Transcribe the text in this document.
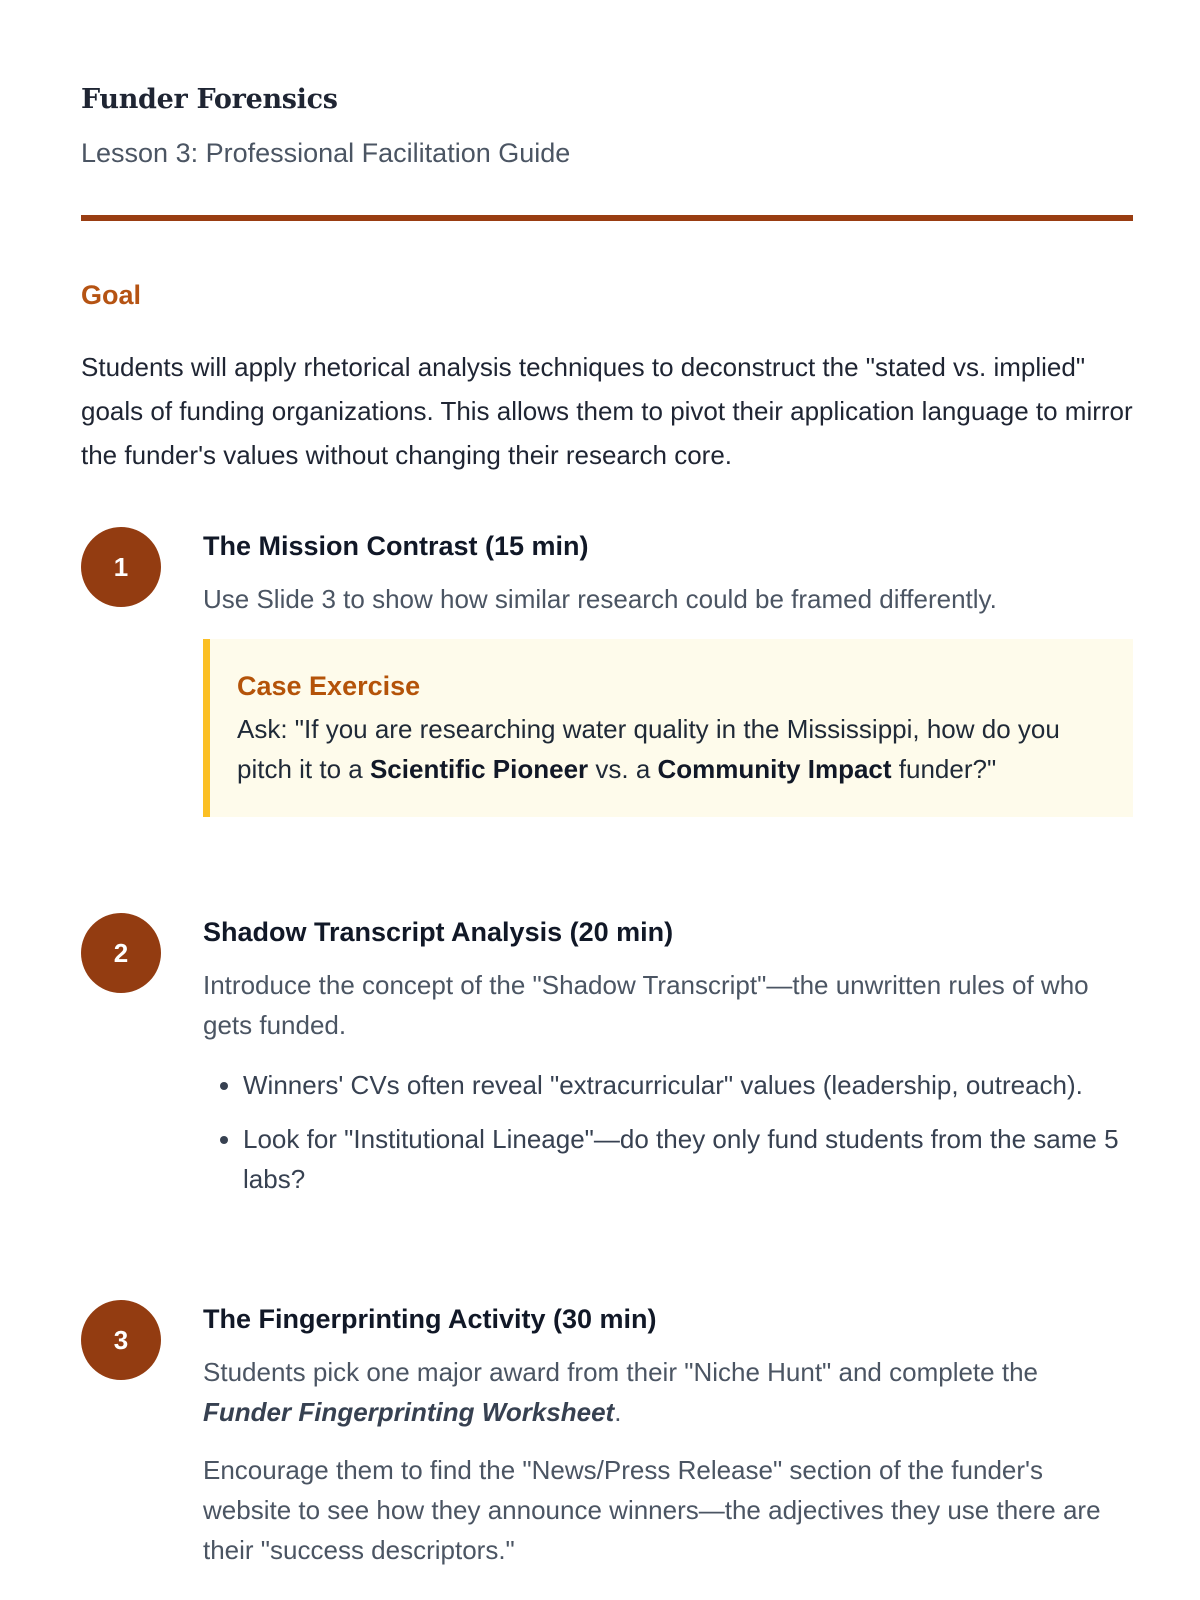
Funder Forensics
Lesson 3: Professional Facilitation Guide
Goal

Students will apply rhetorical analysis techniques to deconstruct the "stated vs. implied" goals of funding organizations. This allows them to pivot their application language to mirror the funder's values without changing their research core.

1

The Mission Contrast (15 min)

Use Slide 3 to show how similar research could be framed differently.

Case Exercise

Ask: "If you are researching water quality in the Mississippi, how do you pitch it to a Scientific Pioneer vs. a Community Impact funder?"

2

Shadow Transcript Analysis (20 min)

Introduce the concept of the "Shadow Transcript"—the unwritten rules of who gets funded.

• Winners' CVs often reveal "extracurricular" values (leadership, outreach).
• Look for "Institutional Lineage"—do they only fund students from the same 5 labs?
3

The Fingerprinting Activity (30 min)

Students pick one major award from their "Niche Hunt" and complete the Funder Fingerprinting Worksheet.

Encourage them to find the "News/Press Release" section of the funder's website to see how they announce winners—the adjectives they use there are their "success descriptors."
